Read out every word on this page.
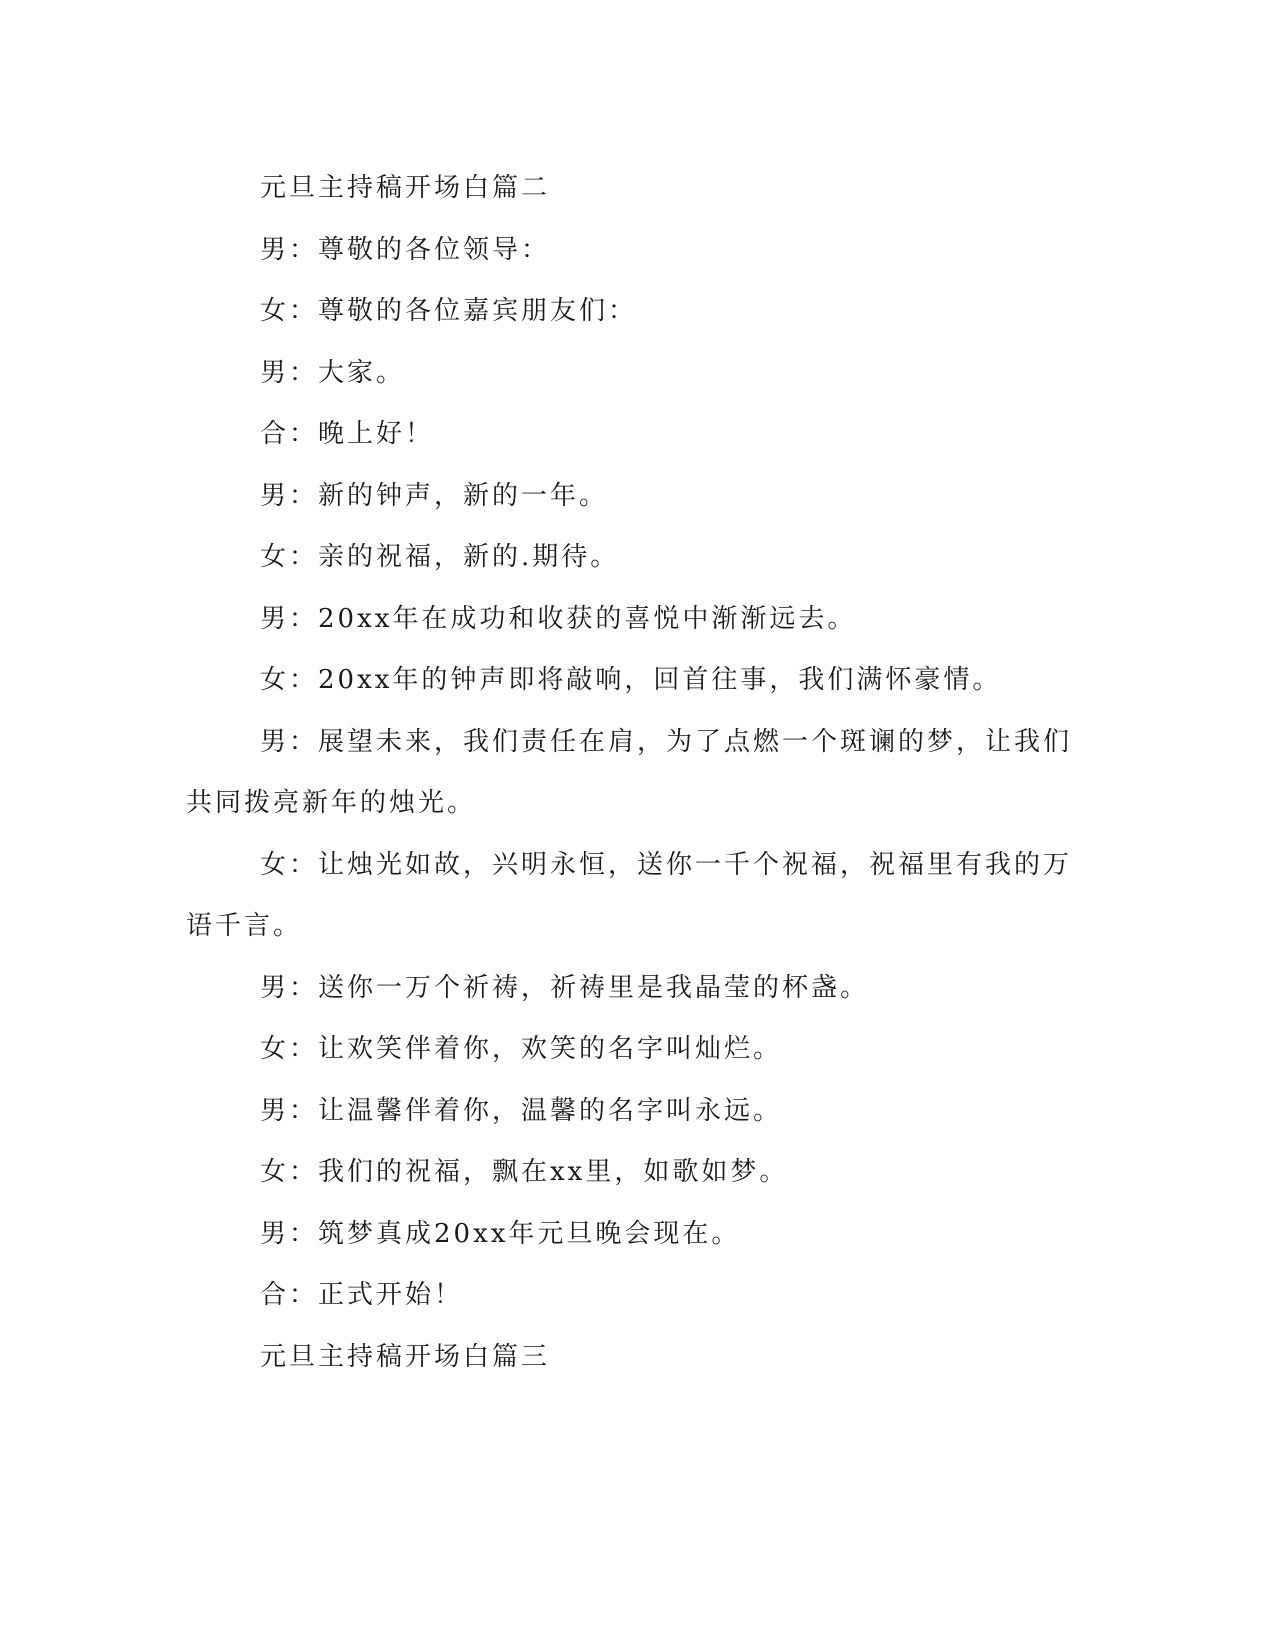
元旦主持稿开场白篇二

男：尊敬的各位领导：

女：尊敬的各位嘉宾朋友们：

男：大家。

合：晚上好！

男：新的钟声，新的一年。

女：亲的祝福，新的.期待。

男：20xx年在成功和收获的喜悦中渐渐远去。

女：20xx年的钟声即将敲响，回首往事，我们满怀豪情。

男：展望未来，我们责任在肩，为了点燃一个斑谰的梦，让我们共同拨亮新年的烛光。

女：让烛光如故，兴明永恒，送你一千个祝福，祝福里有我的万语千言。

男：送你一万个祈祷，祈祷里是我晶莹的杯盏。

女：让欢笑伴着你，欢笑的名字叫灿烂。

男：让温馨伴着你，温馨的名字叫永远。

女：我们的祝福，飘在xx里，如歌如梦。

男：筑梦真成20xx年元旦晚会现在。

合：正式开始！

元旦主持稿开场白篇三
